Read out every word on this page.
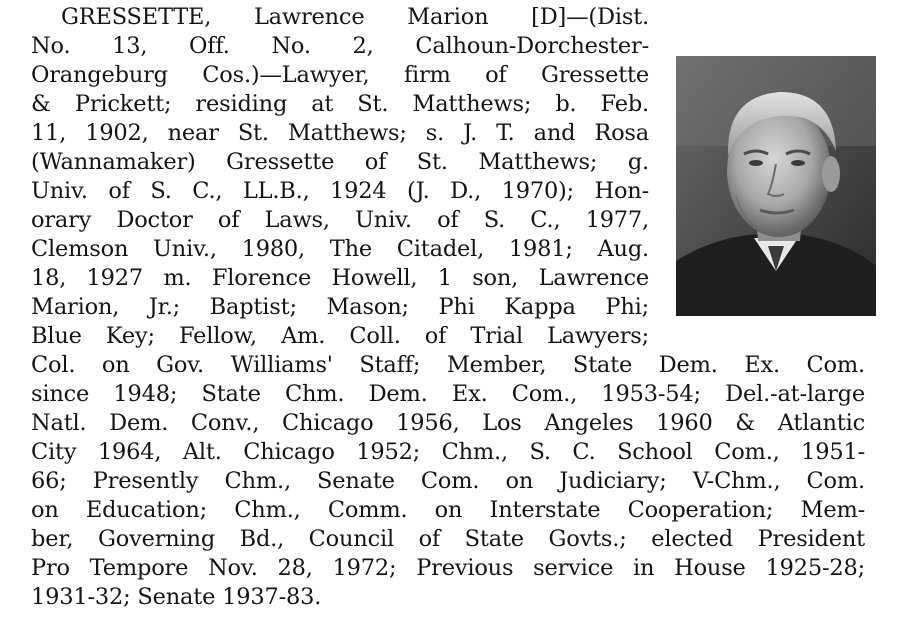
GRESSETTE, Lawrence Marion [D]—(Dist.
No. 13, Off. No. 2, Calhoun-Dorchester-
Orangeburg Cos.)—Lawyer, firm of Gressette
& Prickett; residing at St. Matthews; b. Feb.
11, 1902, near St. Matthews; s. J. T. and Rosa
(Wannamaker) Gressette of St. Matthews; g.
Univ. of S. C., LL.B., 1924 (J. D., 1970); Hon-
orary Doctor of Laws, Univ. of S. C., 1977,
Clemson Univ., 1980, The Citadel, 1981; Aug.
18, 1927 m. Florence Howell, 1 son, Lawrence
Marion, Jr.; Baptist; Mason; Phi Kappa Phi;
Blue Key; Fellow, Am. Coll. of Trial Lawyers;
Col. on Gov. Williams' Staff; Member, State Dem. Ex. Com.
since 1948; State Chm. Dem. Ex. Com., 1953-54; Del.-at-large
Natl. Dem. Conv., Chicago 1956, Los Angeles 1960 & Atlantic
City 1964, Alt. Chicago 1952; Chm., S. C. School Com., 1951-
66; Presently Chm., Senate Com. on Judiciary; V-Chm., Com.
on Education; Chm., Comm. on Interstate Cooperation; Mem-
ber, Governing Bd., Council of State Govts.; elected President
Pro Tempore Nov. 28, 1972; Previous service in House 1925-28;
1931-32; Senate 1937-83.
